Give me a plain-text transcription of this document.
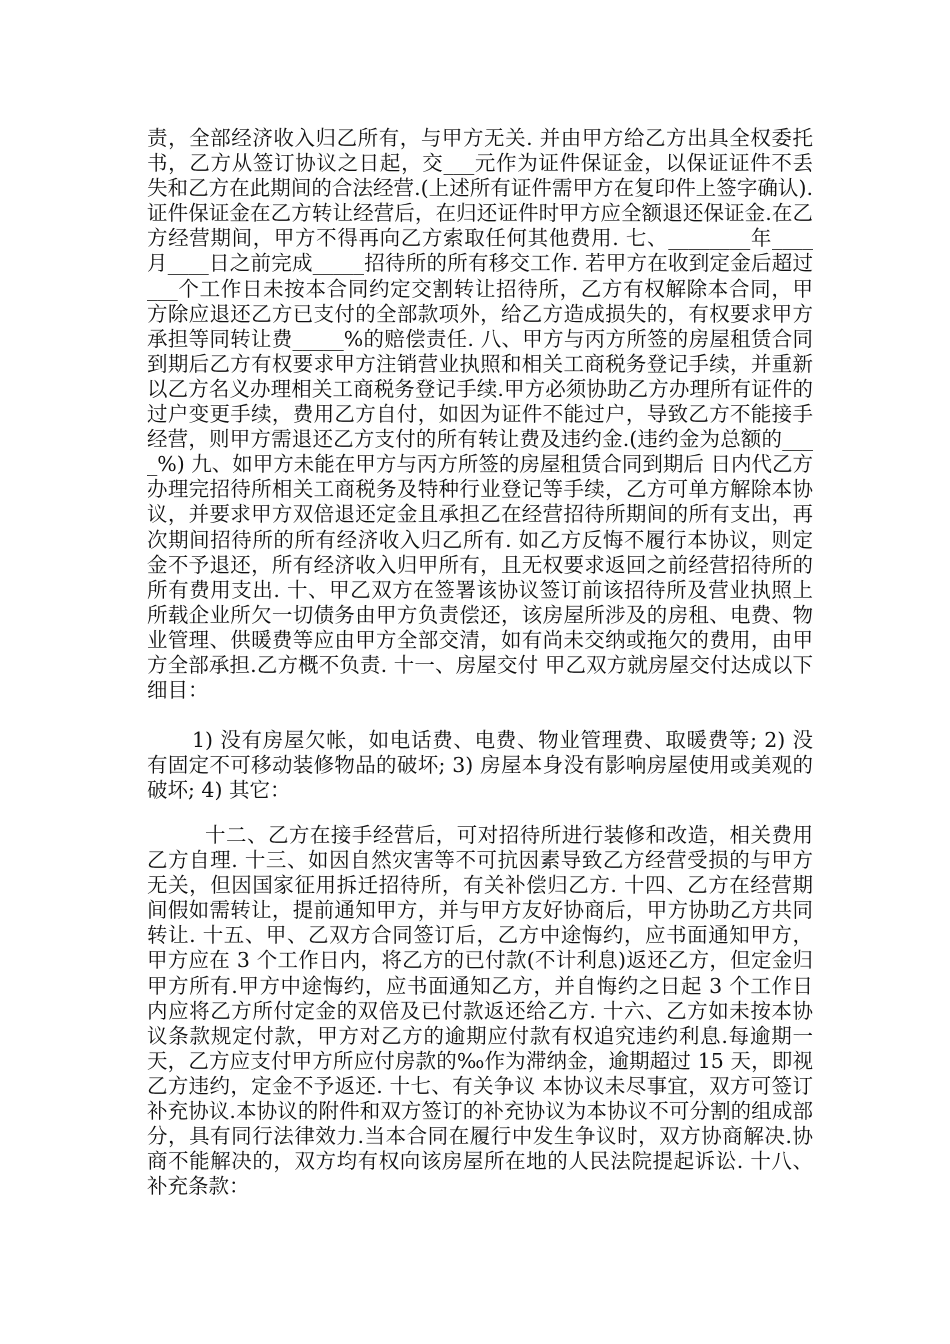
责，全部经济收入归乙所有，与甲方无关. 并由甲方给乙方出具全权委托书，乙方从签订协议之日起，交___元作为证件保证金，以保证证件不丢失和乙方在此期间的合法经营.(上述所有证件需甲方在复印件上签字确认).证件保证金在乙方转让经营后，在归还证件时甲方应全额退还保证金.在乙方经营期间，甲方不得再向乙方索取任何其他费用. 七、________年____月____日之前完成_____招待所的所有移交工作. 若甲方在收到定金后超过___个工作日未按本合同约定交割转让招待所，乙方有权解除本合同，甲方除应退还乙方已支付的全部款项外，给乙方造成损失的，有权要求甲方承担等同转让费_____%的赔偿责任. 八、甲方与丙方所签的房屋租赁合同到期后乙方有权要求甲方注销营业执照和相关工商税务登记手续，并重新以乙方名义办理相关工商税务登记手续.甲方必须协助乙方办理所有证件的过户变更手续，费用乙方自付，如因为证件不能过户，导致乙方不能接手经营，则甲方需退还乙方支付的所有转让费及违约金.(违约金为总额的____%) 九、如甲方未能在甲方与丙方所签的房屋租赁合同到期后 日内代乙方办理完招待所相关工商税务及特种行业登记等手续，乙方可单方解除本协议，并要求甲方双倍退还定金且承担乙在经营招待所期间的所有支出，再次期间招待所的所有经济收入归乙所有. 如乙方反悔不履行本协议，则定金不予退还，所有经济收入归甲所有，且无权要求返回之前经营招待所的所有费用支出. 十、甲乙双方在签署该协议签订前该招待所及营业执照上所载企业所欠一切债务由甲方负责偿还，该房屋所涉及的房租、电费、物业管理、供暖费等应由甲方全部交清，如有尚未交纳或拖欠的费用，由甲方全部承担.乙方概不负责. 十一、房屋交付 甲乙双方就房屋交付达成以下细目：
1) 没有房屋欠帐，如电话费、电费、物业管理费、取暖费等; 2) 没有固定不可移动装修物品的破坏; 3) 房屋本身没有影响房屋使用或美观的破坏; 4) 其它：
十二、乙方在接手经营后，可对招待所进行装修和改造，相关费用乙方自理. 十三、如因自然灾害等不可抗因素导致乙方经营受损的与甲方无关，但因国家征用拆迁招待所，有关补偿归乙方. 十四、乙方在经营期间假如需转让，提前通知甲方，并与甲方友好协商后，甲方协助乙方共同转让. 十五、甲、乙双方合同签订后，乙方中途悔约，应书面通知甲方，甲方应在 3 个工作日内，将乙方的已付款(不计利息)返还乙方，但定金归甲方所有.甲方中途悔约，应书面通知乙方，并自悔约之日起 3 个工作日内应将乙方所付定金的双倍及已付款返还给乙方. 十六、乙方如未按本协议条款规定付款，甲方对乙方的逾期应付款有权追究违约利息.每逾期一天，乙方应支付甲方所应付房款的‰作为滞纳金，逾期超过 15 天，即视乙方违约，定金不予返还. 十七、有关争议 本协议未尽事宜，双方可签订补充协议.本协议的附件和双方签订的补充协议为本协议不可分割的组成部分，具有同行法律效力.当本合同在履行中发生争议时，双方协商解决.协商不能解决的，双方均有权向该房屋所在地的人民法院提起诉讼. 十八、补充条款：
